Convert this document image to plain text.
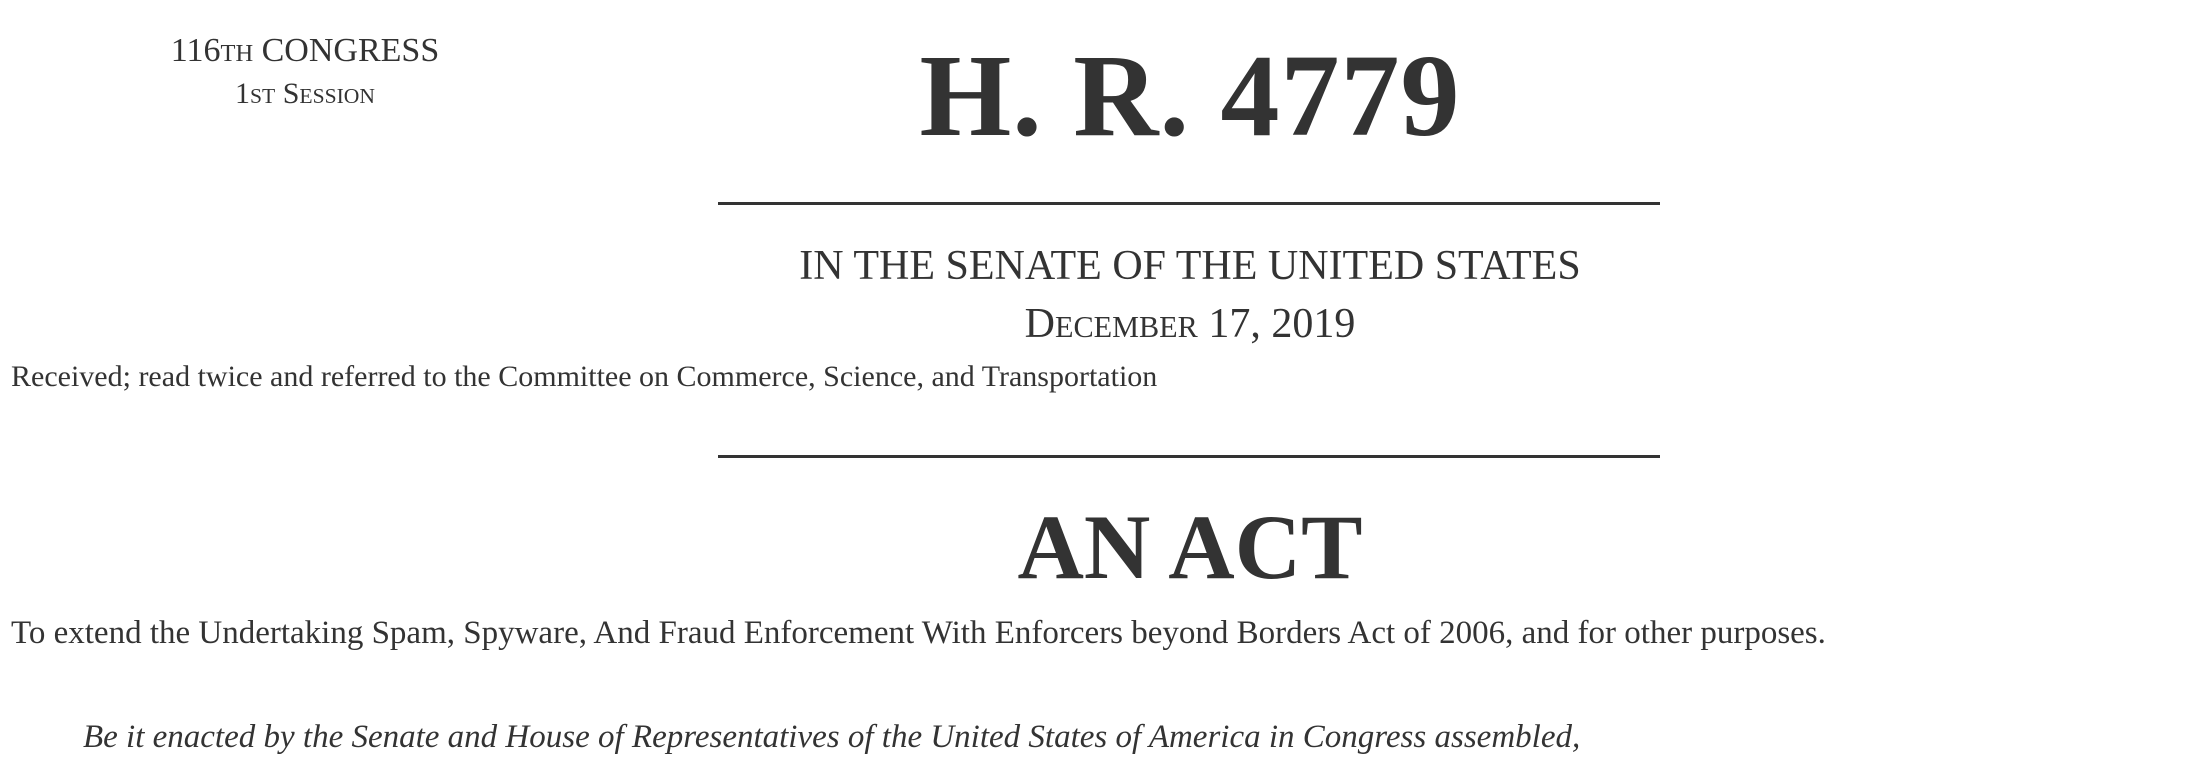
116TH CONGRESS
1ST SESSION	H. R. 4779
IN THE SENATE OF THE UNITED STATES
DECEMBER 17, 2019
Received; read twice and referred to the Committee on Commerce, Science, and Transportation
AN ACT
To extend the Undertaking Spam, Spyware, And Fraud Enforcement With Enforcers beyond Borders Act of 2006, and for other purposes.
Be it enacted by the Senate and House of Representatives of the United States of America in Congress assembled,
